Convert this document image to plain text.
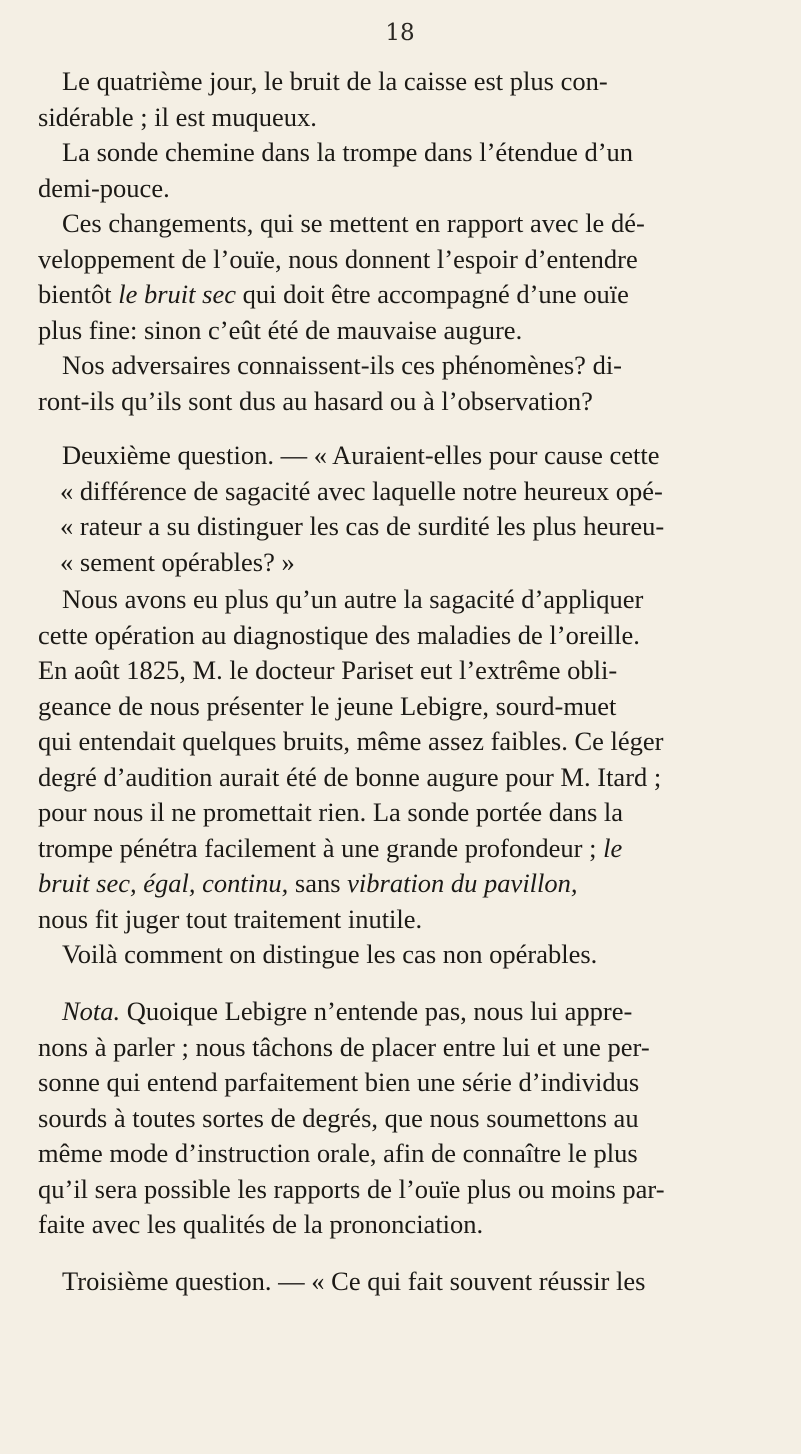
18
Le quatrième jour, le bruit de la caisse est plus con-
sidérable ; il est muqueux.
La sonde chemine dans la trompe dans l’étendue d’un
demi-pouce.
Ces changements, qui se mettent en rapport avec le dé-
veloppement de l’ouïe, nous donnent l’espoir d’entendre
bientôt le bruit sec qui doit être accompagné d’une ouïe
plus fine: sinon c’eût été de mauvaise augure.
Nos adversaires connaissent-ils ces phénomènes? di-
ront-ils qu’ils sont dus au hasard ou à l’observation?
Deuxième question. — « Auraient-elles pour cause cette
« différence de sagacité avec laquelle notre heureux opé-
« rateur a su distinguer les cas de surdité les plus heureu-
« sement opérables? »
Nous avons eu plus qu’un autre la sagacité d’appliquer
cette opération au diagnostique des maladies de l’oreille.
En août 1825, M. le docteur Pariset eut l’extrême obli-
geance de nous présenter le jeune Lebigre, sourd-muet
qui entendait quelques bruits, même assez faibles. Ce léger
degré d’audition aurait été de bonne augure pour M. Itard ;
pour nous il ne promettait rien. La sonde portée dans la
trompe pénétra facilement à une grande profondeur ; le
bruit sec, égal, continu, sans vibration du pavillon,
nous fit juger tout traitement inutile.
Voilà comment on distingue les cas non opérables.
Nota. Quoique Lebigre n’entende pas, nous lui appre-
nons à parler ; nous tâchons de placer entre lui et une per-
sonne qui entend parfaitement bien une série d’individus
sourds à toutes sortes de degrés, que nous soumettons au
même mode d’instruction orale, afin de connaître le plus
qu’il sera possible les rapports de l’ouïe plus ou moins par-
faite avec les qualités de la prononciation.
Troisième question. — « Ce qui fait souvent réussir les
